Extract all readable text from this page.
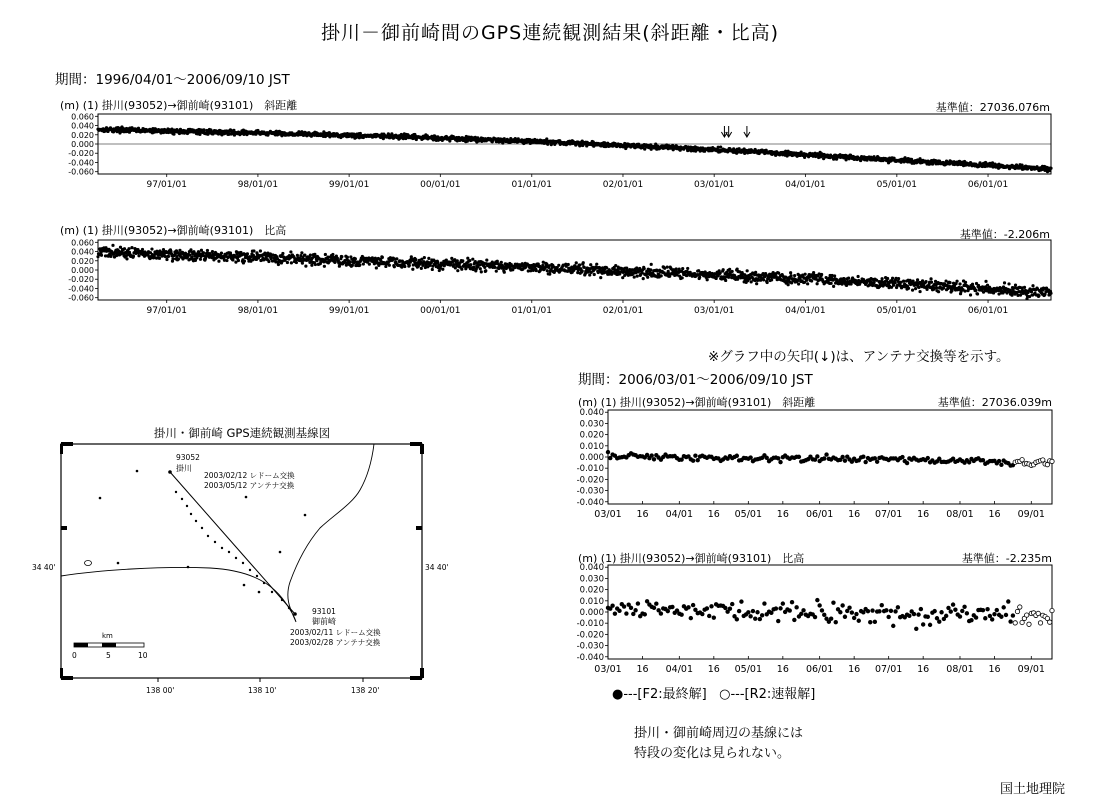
掛川－御前崎間のGPS連続観測結果(斜距離・比高)
期間：1996/04/01～2006/09/10 JST
(m) (1) 掛川(93052)→御前崎(93101)　斜距離	基準値：27036.076m
0.060
0.040
0.020
0.000
-0.020
-0.040
-0.060
97/01/01	98/01/01	99/01/01	00/01/01	01/01/01	02/01/01	03/01/01	04/01/01	05/01/01	06/01/01
(m) (1) 掛川(93052)→御前崎(93101)　比高	基準値：-2.206m
0.060
0.040
0.020
0.000
-0.020
-0.040
-0.060
97/01/01	98/01/01	99/01/01	00/01/01	01/01/01	02/01/01	03/01/01	04/01/01	05/01/01	06/01/01
※グラフ中の矢印(↓)は、アンテナ交換等を示す。
期間：2006/03/01～2006/09/10 JST
(m) (1) 掛川(93052)→御前崎(93101)　斜距離	基準値：27036.039m
0.040
0.030
0.020
0.010
0.000
-0.010
-0.020
-0.030
-0.040
03/01 16 04/01 16 05/01 16 06/01 16 07/01 16 08/01 16 09/01
(m) (1) 掛川(93052)→御前崎(93101)　比高	基準値：-2.235m
0.040
0.030
0.020
0.010
0.000
-0.010
-0.020
-0.030
-0.040
03/01 16 04/01 16 05/01 16 06/01 16 07/01 16 08/01 16 09/01
●---[F2:最終解] ○---[R2:速報解]
掛川・御前崎周辺の基線には
特段の変化は見られない。
国土地理院
掛川・御前崎 GPS連続観測基線図
93052
掛川
2003/02/12 レドーム交換
2003/05/12 アンテナ交換
93101
御前崎
2003/02/11 レドーム交換
2003/02/28 アンテナ交換
km
0	5	10
138 00'	138 10'	138 20'
34 40'	34 40'
